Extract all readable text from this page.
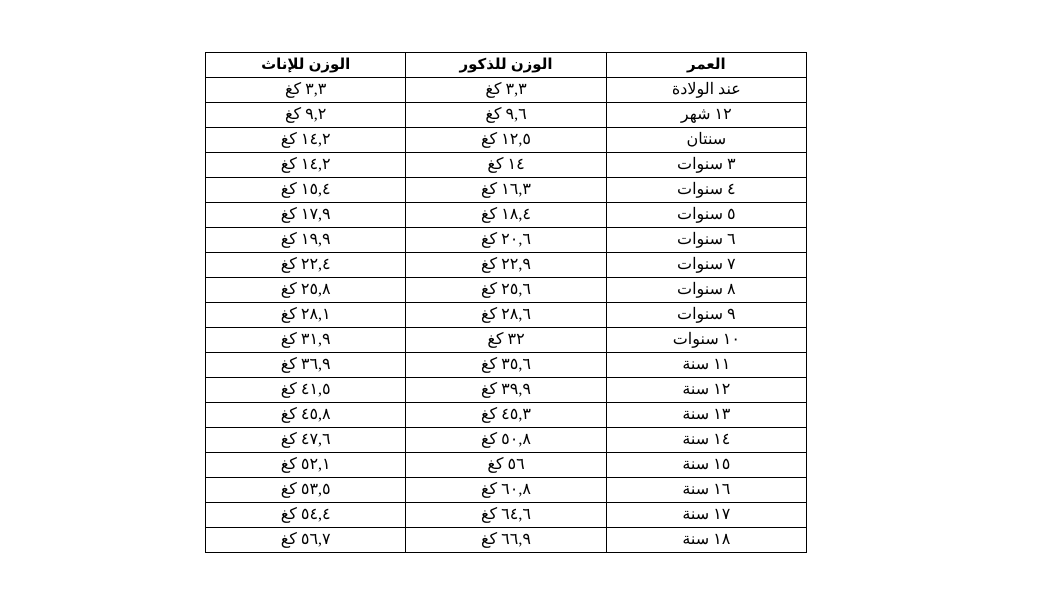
الوزن للإناث	الوزن للذكور	العمر
٣,٣ كغ	٣,٣ كغ	عند الولادة
٩,٢ كغ	٩,٦ كغ	١٢ شهر
١٤,٢ كغ	١٢,٥ كغ	سنتان
١٤,٢ كغ	١٤ كغ	٣ سنوات
١٥,٤ كغ	١٦,٣ كغ	٤ سنوات
١٧,٩ كغ	١٨,٤ كغ	٥ سنوات
١٩,٩ كغ	٢٠,٦ كغ	٦ سنوات
٢٢,٤ كغ	٢٢,٩ كغ	٧ سنوات
٢٥,٨ كغ	٢٥,٦ كغ	٨ سنوات
٢٨,١ كغ	٢٨,٦ كغ	٩ سنوات
٣١,٩ كغ	٣٢ كغ	١٠ سنوات
٣٦,٩ كغ	٣٥,٦ كغ	١١ سنة
٤١,٥ كغ	٣٩,٩ كغ	١٢ سنة
٤٥,٨ كغ	٤٥,٣ كغ	١٣ سنة
٤٧,٦ كغ	٥٠,٨ كغ	١٤ سنة
٥٢,١ كغ	٥٦ كغ	١٥ سنة
٥٣,٥ كغ	٦٠,٨ كغ	١٦ سنة
٥٤,٤ كغ	٦٤,٦ كغ	١٧ سنة
٥٦,٧ كغ	٦٦,٩ كغ	١٨ سنة
